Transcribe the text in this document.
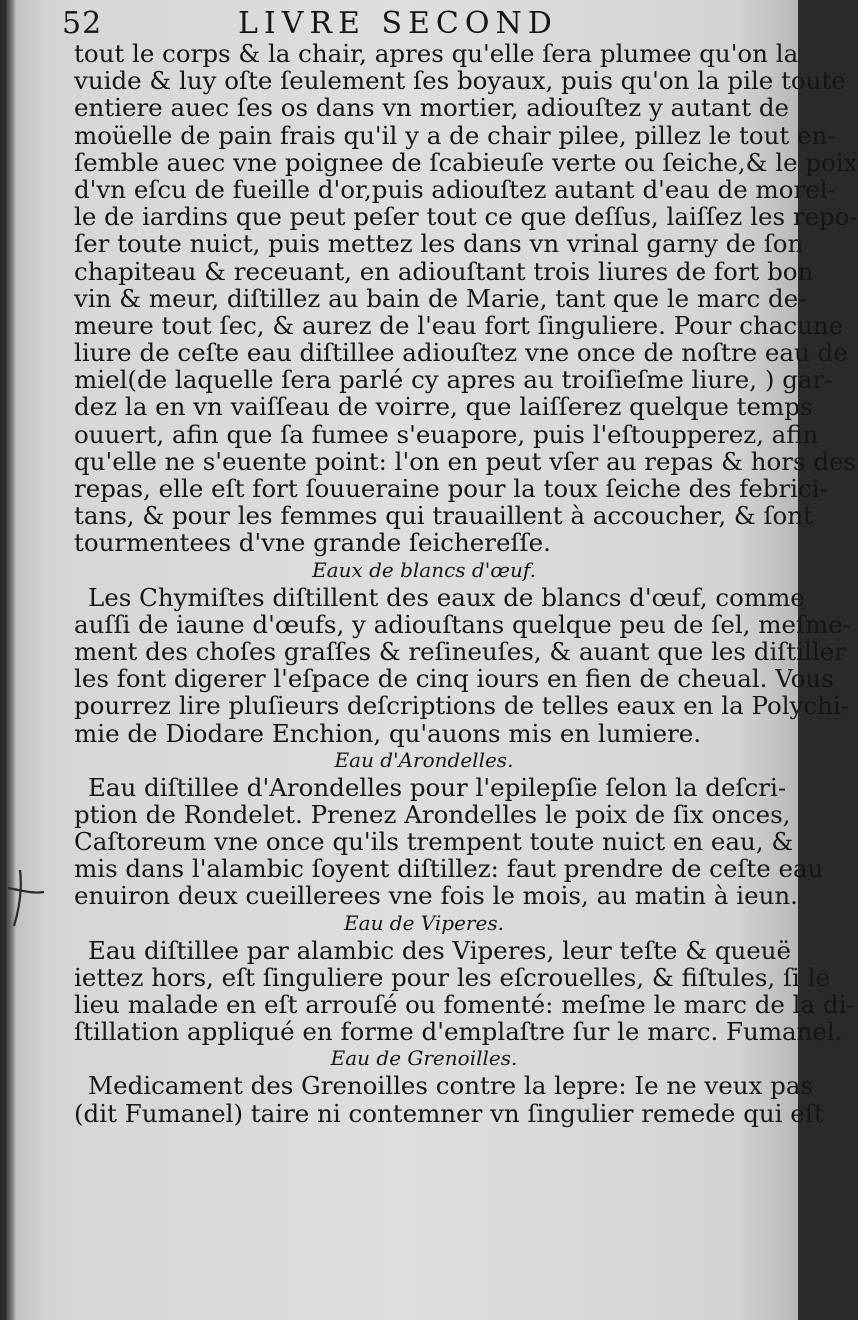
52	LIVRE SECOND
tout le corps & la chair, apres qu'elle ſera plumee qu'on la
vuide & luy oſte ſeulement ſes boyaux, puis qu'on la pile toute
entiere auec ſes os dans vn mortier, adiouſtez y autant de
moüelle de pain frais qu'il y a de chair pilee, pillez le tout en-
ſemble auec vne poignee de ſcabieuſe verte ou ſeiche,& le poix
d'vn eſcu de fueille d'or,puis adiouſtez autant d'eau de morel-
le de iardins que peut peſer tout ce que deſſus, laiſſez les repo-
ſer toute nuict, puis mettez les dans vn vrinal garny de ſon
chapiteau & receuant, en adiouſtant trois liures de fort bon
vin & meur, diſtillez au bain de Marie, tant que le marc de-
meure tout ſec, & aurez de l'eau fort ſinguliere. Pour chacune
liure de ceſte eau diſtillee adiouſtez vne once de noſtre eau de
miel(de laquelle ſera parlé cy apres au troiſieſme liure, ) gar-
dez la en vn vaiſſeau de voirre, que laiſſerez quelque temps
ouuert, afin que ſa fumee s'euapore, puis l'eſtoupperez, afin
qu'elle ne s'euente point: l'on en peut vſer au repas & hors des
repas, elle eſt fort ſouueraine pour la toux ſeiche des febrici-
tans, & pour les femmes qui trauaillent à accoucher, & ſont
tourmentees d'vne grande ſeichereſſe.
Eaux de blancs d'œuf.
Les Chymiſtes diſtillent des eaux de blancs d'œuf, comme
auſſi de iaune d'œufs, y adiouſtans quelque peu de ſel, meſme-
ment des choſes graſſes & reſineuſes, & auant que les diſtiller
les font digerer l'eſpace de cinq iours en fien de cheual. Vous
pourrez lire pluſieurs deſcriptions de telles eaux en la Polychi-
mie de Diodare Enchion, qu'auons mis en lumiere.
Eau d'Arondelles.
Eau diſtillee d'Arondelles pour l'epilepſie ſelon la deſcri-
ption de Rondelet. Prenez Arondelles le poix de ſix onces,
Caſtoreum vne once qu'ils trempent toute nuict en eau, &
mis dans l'alambic ſoyent diſtillez: faut prendre de ceſte eau
enuiron deux cueillerees vne fois le mois, au matin à ieun.
Eau de Viperes.
Eau diſtillee par alambic des Viperes, leur teſte & queuë
iettez hors, eſt ſinguliere pour les eſcrouelles, & fiſtules, ſi le
lieu malade en eſt arrouſé ou fomenté: meſme le marc de la di-
ſtillation appliqué en forme d'emplaſtre ſur le marc. Fumanel.
Eau de Grenoilles.
Medicament des Grenoilles contre la lepre: Ie ne veux pas
(dit Fumanel) taire ni contemner vn ſingulier remede qui eſt
